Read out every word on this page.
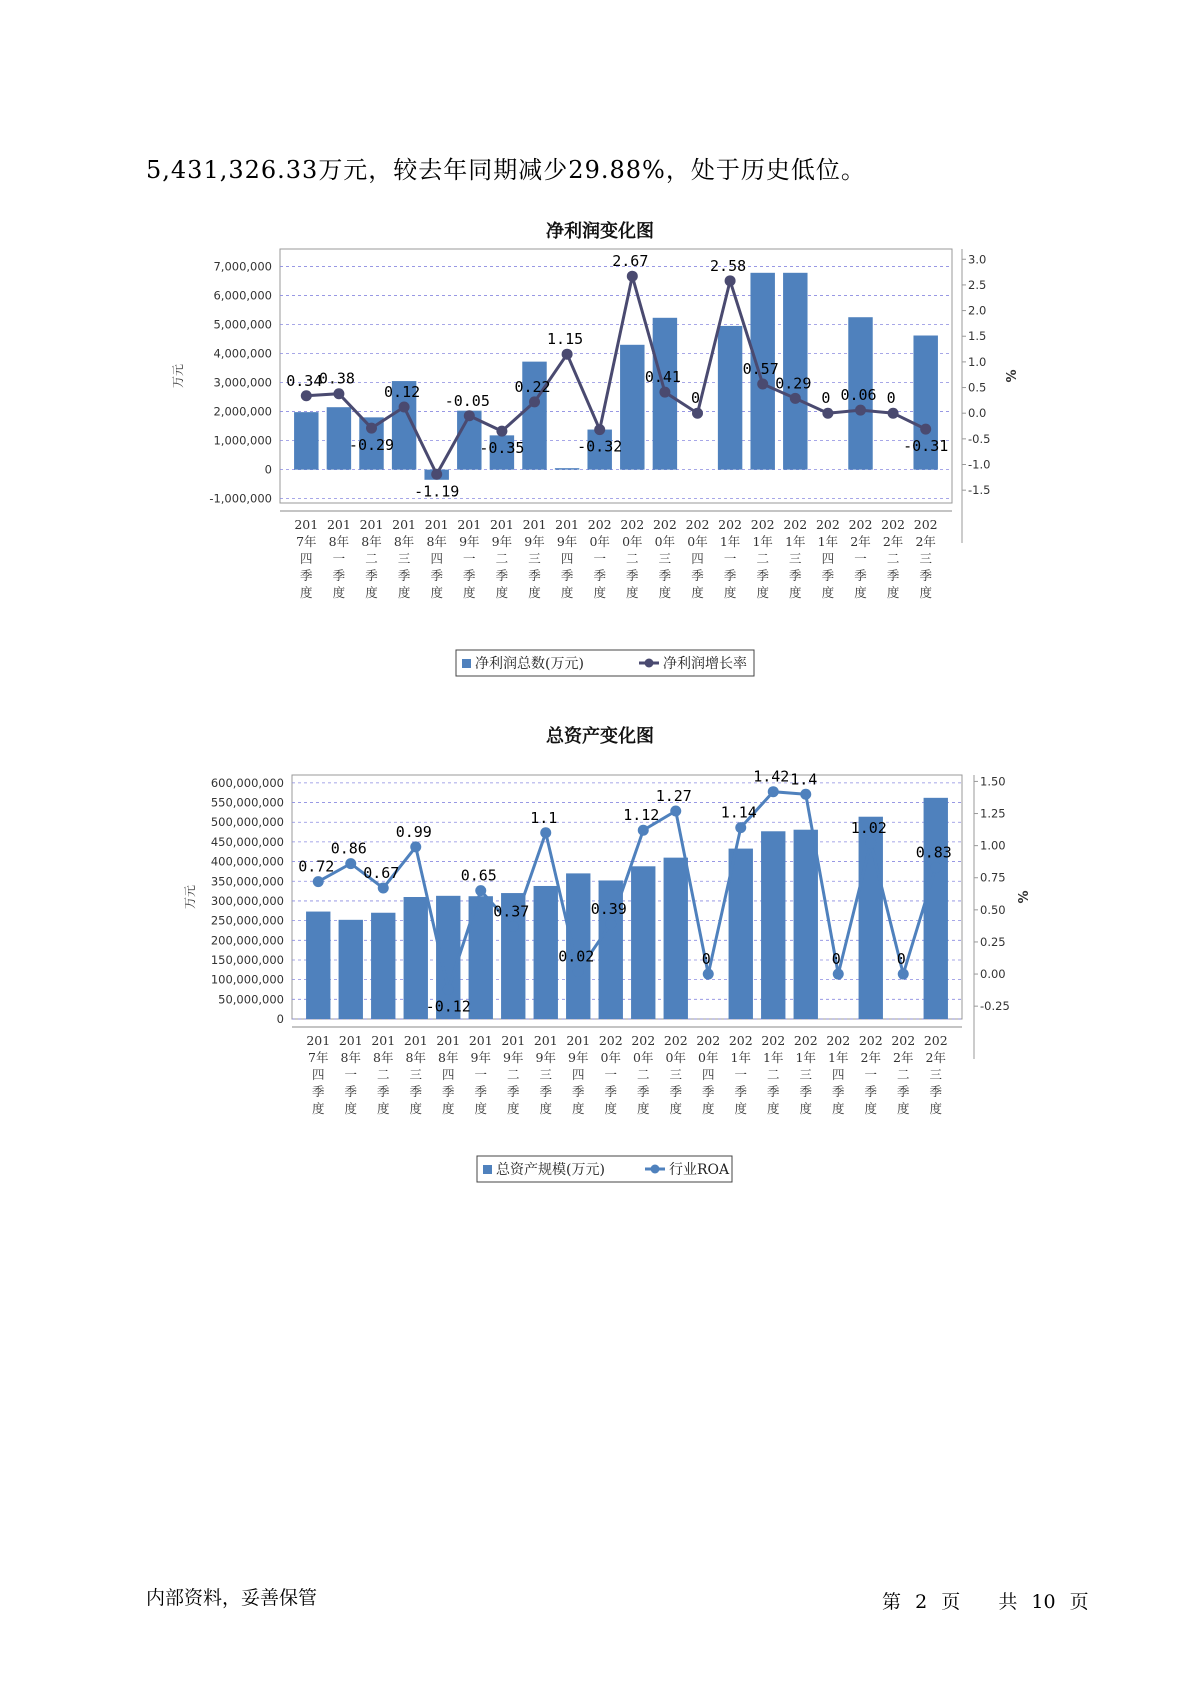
5,431,326.33万元，较去年同期减少29.88%，处于历史低位。
净利润变化图
-1,000,000
0
1,000,000
2,000,000
3,000,000
4,000,000
5,000,000
6,000,000
7,000,000
-1.5
-1.0
-0.5
0.0
0.5
1.0
1.5
2.0
2.5
3.0
万元	%
0.34
0.38
-0.29
0.12
-1.19
-0.05
-0.35
0.22
1.15
-0.32
2.67
0.41
0
2.58
0.57
0.29
0 0.06 0
-0.31
201 7年四季度
201 8年一季度
201 8年二季度
201 8年三季度
201 8年四季度
201 9年一季度
201 9年二季度
201 9年三季度
201 9年四季度
202 0年一季度
202 0年二季度
202 0年三季度
202 0年四季度
202 1年一季度
202 1年二季度
202 1年三季度
202 1年四季度
202 2年一季度
202 2年二季度
202 2年三季度
净利润总数(万元)	净利润增长率
总资产变化图
0
50,000,000
100,000,000
150,000,000
200,000,000
250,000,000
300,000,000
350,000,000
400,000,000
450,000,000
500,000,000
550,000,000
600,000,000
-0.25
0.00
0.25
0.50
0.75
1.00
1.25
1.50
万元	%
0.72
0.86
0.67
0.99
-0.12
0.65
0.37
1.1
0.02
0.39
1.12
1.27
0
1.14
1.42 1.4
0
1.02
0
0.83
201 7年四季度
201 8年一季度
201 8年二季度
201 8年三季度
201 8年四季度
201 9年一季度
201 9年二季度
201 9年三季度
201 9年四季度
202 0年一季度
202 0年二季度
202 0年三季度
202 0年四季度
202 1年一季度
202 1年二季度
202 1年三季度
202 1年四季度
202 2年一季度
202 2年二季度
202 2年三季度
总资产规模(万元)	行业ROA
内部资料，妥善保管	第 2 页 共 10 页
